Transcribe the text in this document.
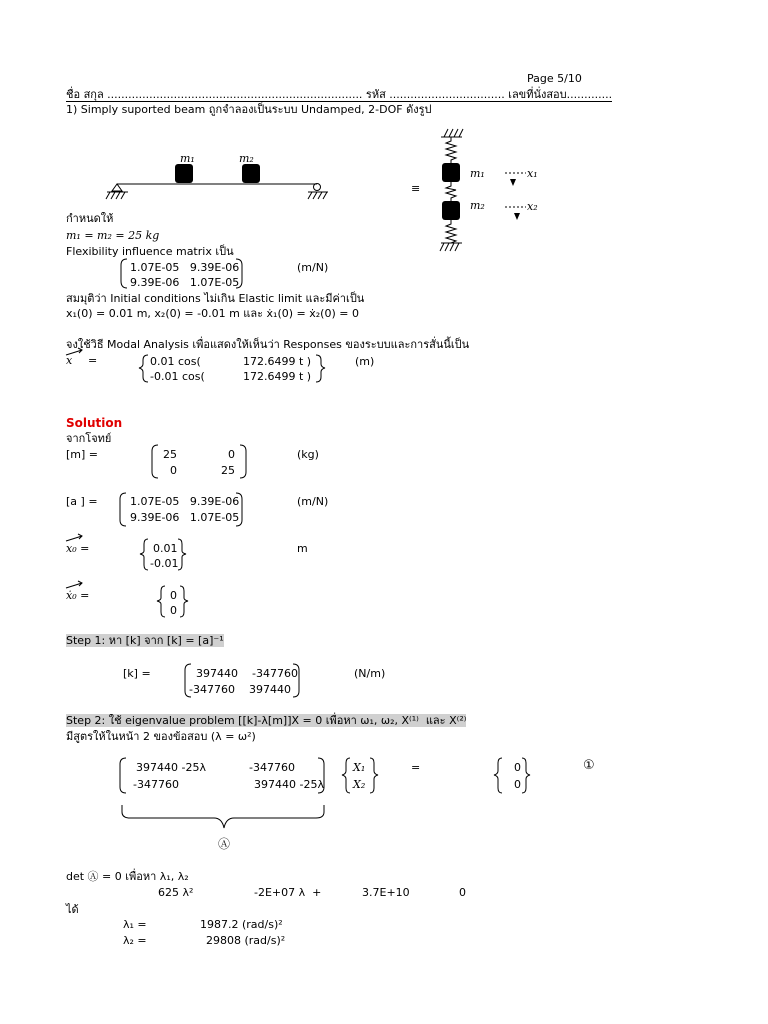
Page 5/10
ชื่อ สกุล ......................................................................... รหัส ................................. เลขที่นั่งสอบ.............
1) Simply suported beam ถูกจำลองเป็นระบบ Undamped, 2-DOF ดังรูป
m₁	m₂
≡
m₁
m₂
x₁
x₂
กำหนดให้
m₁ = m₂ = 25 kg
Flexibility influence matrix เป็น
1.07E-05   9.39E-06
9.39E-06   1.07E-05
(m/N)
สมมุติว่า Initial conditions ไม่เกิน Elastic limit และมีค่าเป็น
x₁(0) = 0.01 m, x₂(0) = -0.01 m และ ẋ₁(0) = ẋ₂(0) = 0
จงใช้วิธี Modal Analysis เพื่อแสดงให้เห็นว่า Responses ของระบบและการสั่นนี้เป็น
x =	0.01 cos(	172.6499 t )
-0.01 cos(	172.6499 t )
(m)
Solution
จากโจทย์
[m] =	25	0
0	25
(kg)
[a ] =	1.07E-05   9.39E-06
9.39E-06   1.07E-05
(m/N)
x₀ =	0.01
-0.01
m
ẋ₀ =	0
0
Step 1: หา [k] จาก [k] = [a]⁻¹
[k] =	397440    -347760
-347760    397440
(N/m)
Step 2: ใช้ eigenvalue problem [[k]-λ[m]]X = 0 เพื่อหา ω₁, ω₂, X⁽¹⁾  และ X⁽²⁾
มีสูตรให้ในหน้า 2 ของข้อสอบ (λ = ω²)
397440 -25λ	-347760
-347760	397440 -25λ
X₁
X₂
=	0
0
①
Ⓐ
det Ⓐ = 0 เพื่อหา λ₁, λ₂
625 λ²	-2E+07 λ  +	3.7E+10	0
ได้
λ₁ =	1987.2 (rad/s)²
λ₂ =	29808 (rad/s)²
